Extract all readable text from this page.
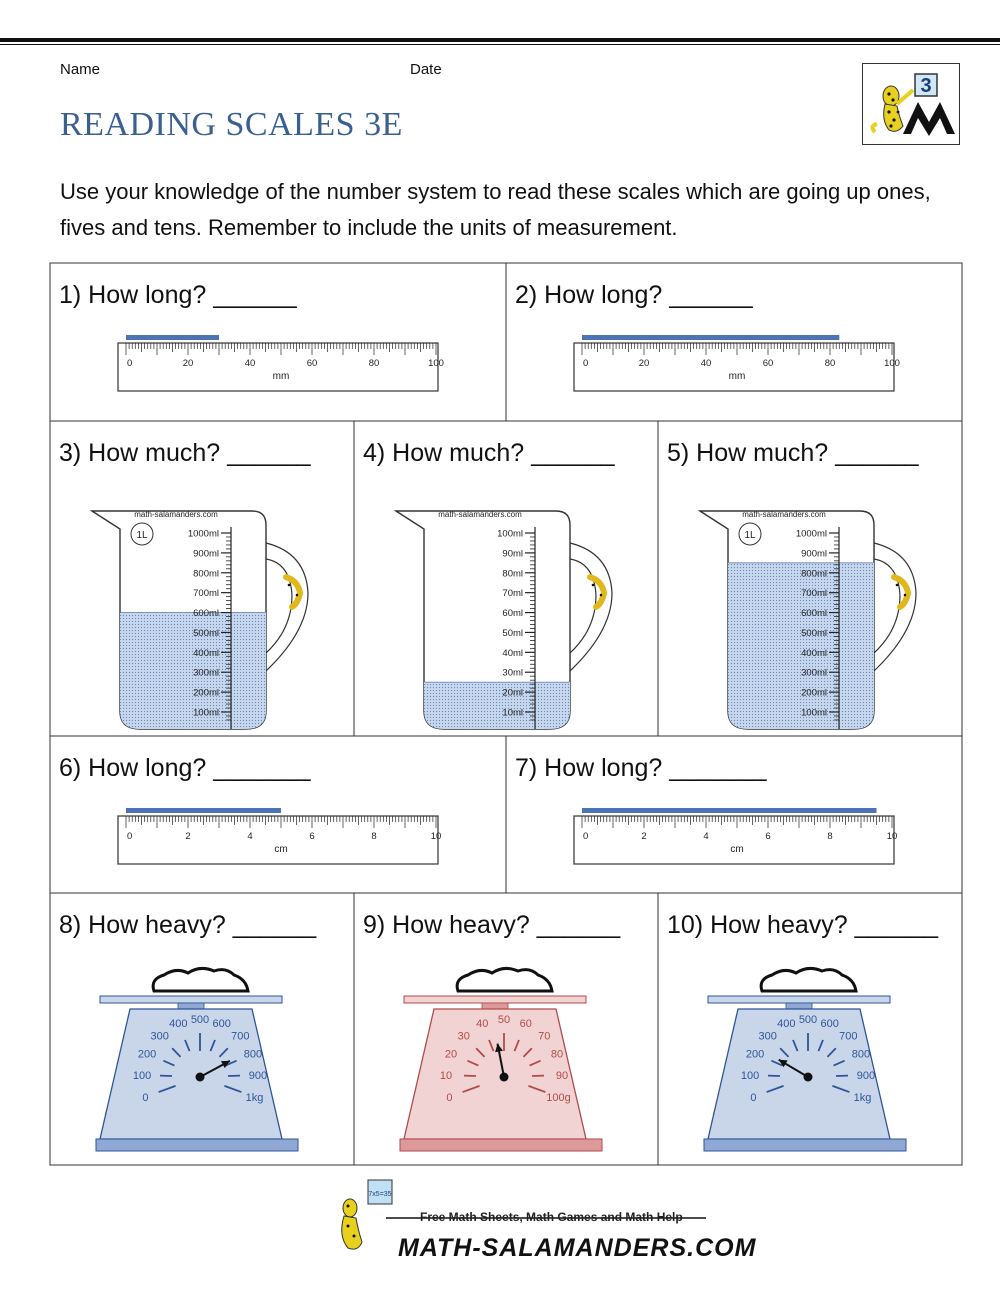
Name	Date
READING SCALES 3E
3
Use your knowledge of the number system to read these scales which are going up ones, fives and tens. Remember to include the units of measurement.
1) How long? ______
0	20	40	60	80	100
mm
2) How long? ______
0	20	40	60	80	100
mm
3) How much? ______
1000ml
900ml
800ml
700ml
600ml
500ml
400ml
300ml
200ml
100ml
math-salamanders.com
1L
4) How much? ______
100ml
90ml
80ml
70ml
60ml
50ml
40ml
30ml
20ml
10ml
math-salamanders.com
5) How much? ______
1000ml
900ml
800ml
700ml
600ml
500ml
400ml
300ml
200ml
100ml
math-salamanders.com
1L
6) How long? _______
0	2	4	6	8	10
cm
7) How long? _______
0	2	4	6	8	10
cm
8) How heavy? ______
0
100
200
300
400 500 600
700
800
900
1kg
9) How heavy? ______
0
10
20
30
40 50 60
70
80
90
100g
10) How heavy? ______
0
100
200
300
400 500 600
700
800
900
1kg
7x5=35
MATH-SALAMANDERS.COM
Free Math Sheets, Math Games and Math Help
